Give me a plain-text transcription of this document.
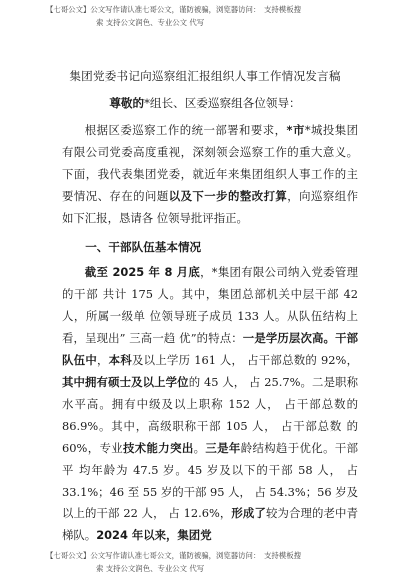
【七哥公文】公文写作请认准七哥公文，谨防被骗，浏览器访问：　支持模板搜
索 支持公文润色、专业公文 代写
集团党委书记向巡察组汇报组织人事工作情况发言稿
尊敬的*组长、区委巡察组各位领导：

根据区委巡察工作的统一部署和要求，*市*城投集团有限公司党委高度重视，深刻领会巡察工作的重大意义。下面，我代表集团党委，就近年来集团组织人事工作的主要情况、存在的问题以及下一步的整改打算，向巡察组作如下汇报，恳请各 位领导批评指正。

一、干部队伍基本情况

截至 2025 年 8 月底，*集团有限公司纳入党委管理的干部 共计 175 人。其中，集团总部机关中层干部 42 人，所属一级单 位领导班子成员 133 人。从队伍结构上看，呈现出” 三高一趋 优”的特点：一是学历层次高。干部队伍中，本科及以上学历 161 人， 占干部总数的 92%，其中拥有硕士及以上学位的 45 人， 占 25.7%。二是职称水平高。拥有中级及以上职称 152 人， 占干部总数的 86.9%。其中，高级职称干部 105 人， 占干部总数 的 60%，专业技术能力突出。三是年龄结构趋于优化。干部 平 均年龄为 47.5 岁。45 岁及以下的干部 58 人， 占 33.1%；46 至 55 岁的干部 95 人， 占 54.3%；56 岁及以上的干部 22 人， 占 12.6%，形成了较为合理的老中青梯队。2024 年以来，集团党

【七哥公文】公文写作请认准七哥公文，谨防被骗，浏览器访问：　支持模板搜
索 支持公文润色、专业公文 代写
